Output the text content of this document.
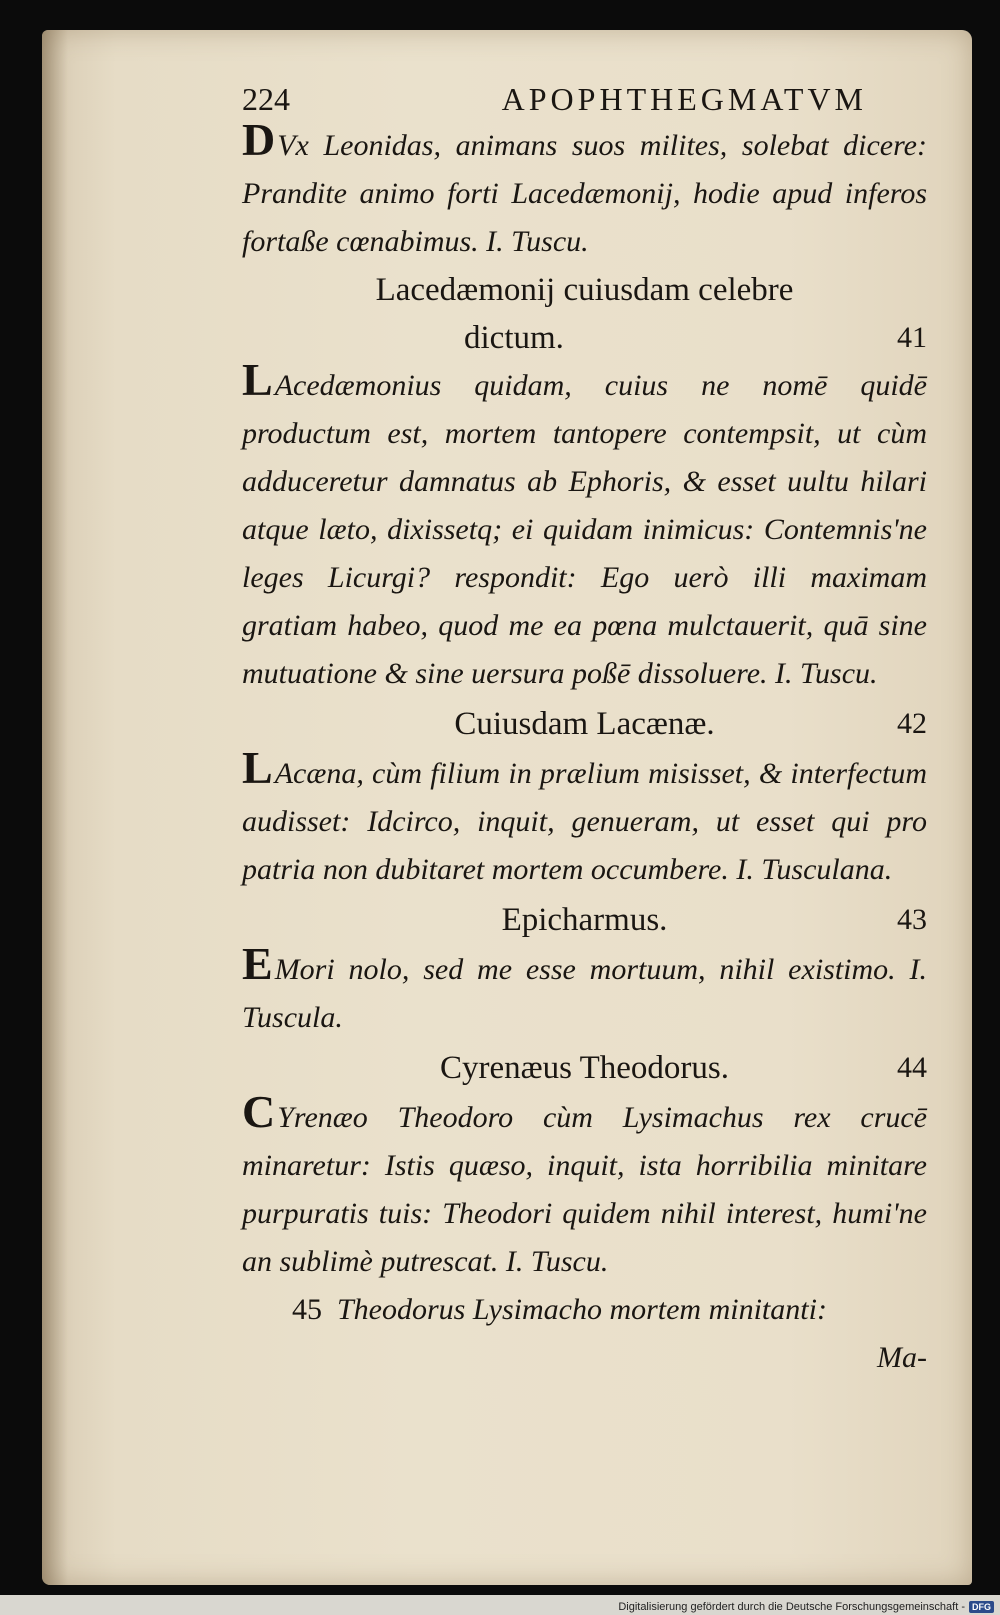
224	APOPHTHEGMATVM

DVx Leonidas, animans suos milites, solebat dicere: Prandite animo forti Lacedæmonij, hodie apud inferos fortaße cœnabimus. I. Tuscu.

Lacedæmonij cuiusdam celebre

dictum.	41

LAcedæmonius quidam, cuius ne nomē quidē productum est, mortem tantopere contempsit, ut cùm adduceretur damnatus ab Ephoris, & esset uultu hilari atque læto, dixissetq; ei quidam inimicus: Contemnis'ne leges Licurgi? respondit: Ego uerò illi maximam gratiam habeo, quod me ea pœna mulctauerit, quā sine mutuatione & sine uersura poßē dissoluere. I. Tuscu.

Cuiusdam Lacænæ.	42

LAcæna, cùm filium in prælium misisset, & interfectum audisset: Idcirco, inquit, genueram, ut esset qui pro patria non dubitaret mortem occumbere. I. Tusculana.

Epicharmus.	43

EMori nolo, sed me esse mortuum, nihil existimo. I. Tuscula.

Cyrenæus Theodorus.	44

CYrenæo Theodoro cùm Lysimachus rex crucē minaretur: Istis quæso, inquit, ista horribilia minitare purpuratis tuis: Theodori quidem nihil interest, humi'ne an sublimè putrescat. I. Tuscu.

45 Theodorus Lysimacho mortem minitanti:

Ma-

Digitalisierung gefördert durch die Deutsche Forschungsgemeinschaft - DFG
